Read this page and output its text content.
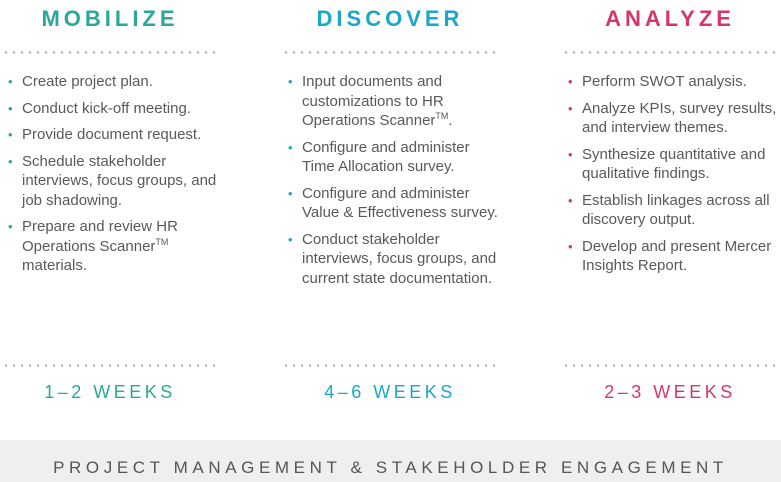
MOBILIZE
• Create project plan.
• Conduct kick-off meeting.
• Provide document request.
• Schedule stakeholder interviews, focus groups, and job shadowing.
• Prepare and review HR Operations Scanner™ materials.
1–2 WEEKS
DISCOVER
• Input documents and customizations to HR Operations Scanner™.
• Configure and administer Time Allocation survey.
• Configure and administer Value & Effectiveness survey.
• Conduct stakeholder interviews, focus groups, and current state documentation.
4–6 WEEKS
ANALYZE
• Perform SWOT analysis.
• Analyze KPIs, survey results, and interview themes.
• Synthesize quantitative and qualitative findings.
• Establish linkages across all discovery output.
• Develop and present Mercer Insights Report.
2–3 WEEKS
PROJECT MANAGEMENT & STAKEHOLDER ENGAGEMENT
